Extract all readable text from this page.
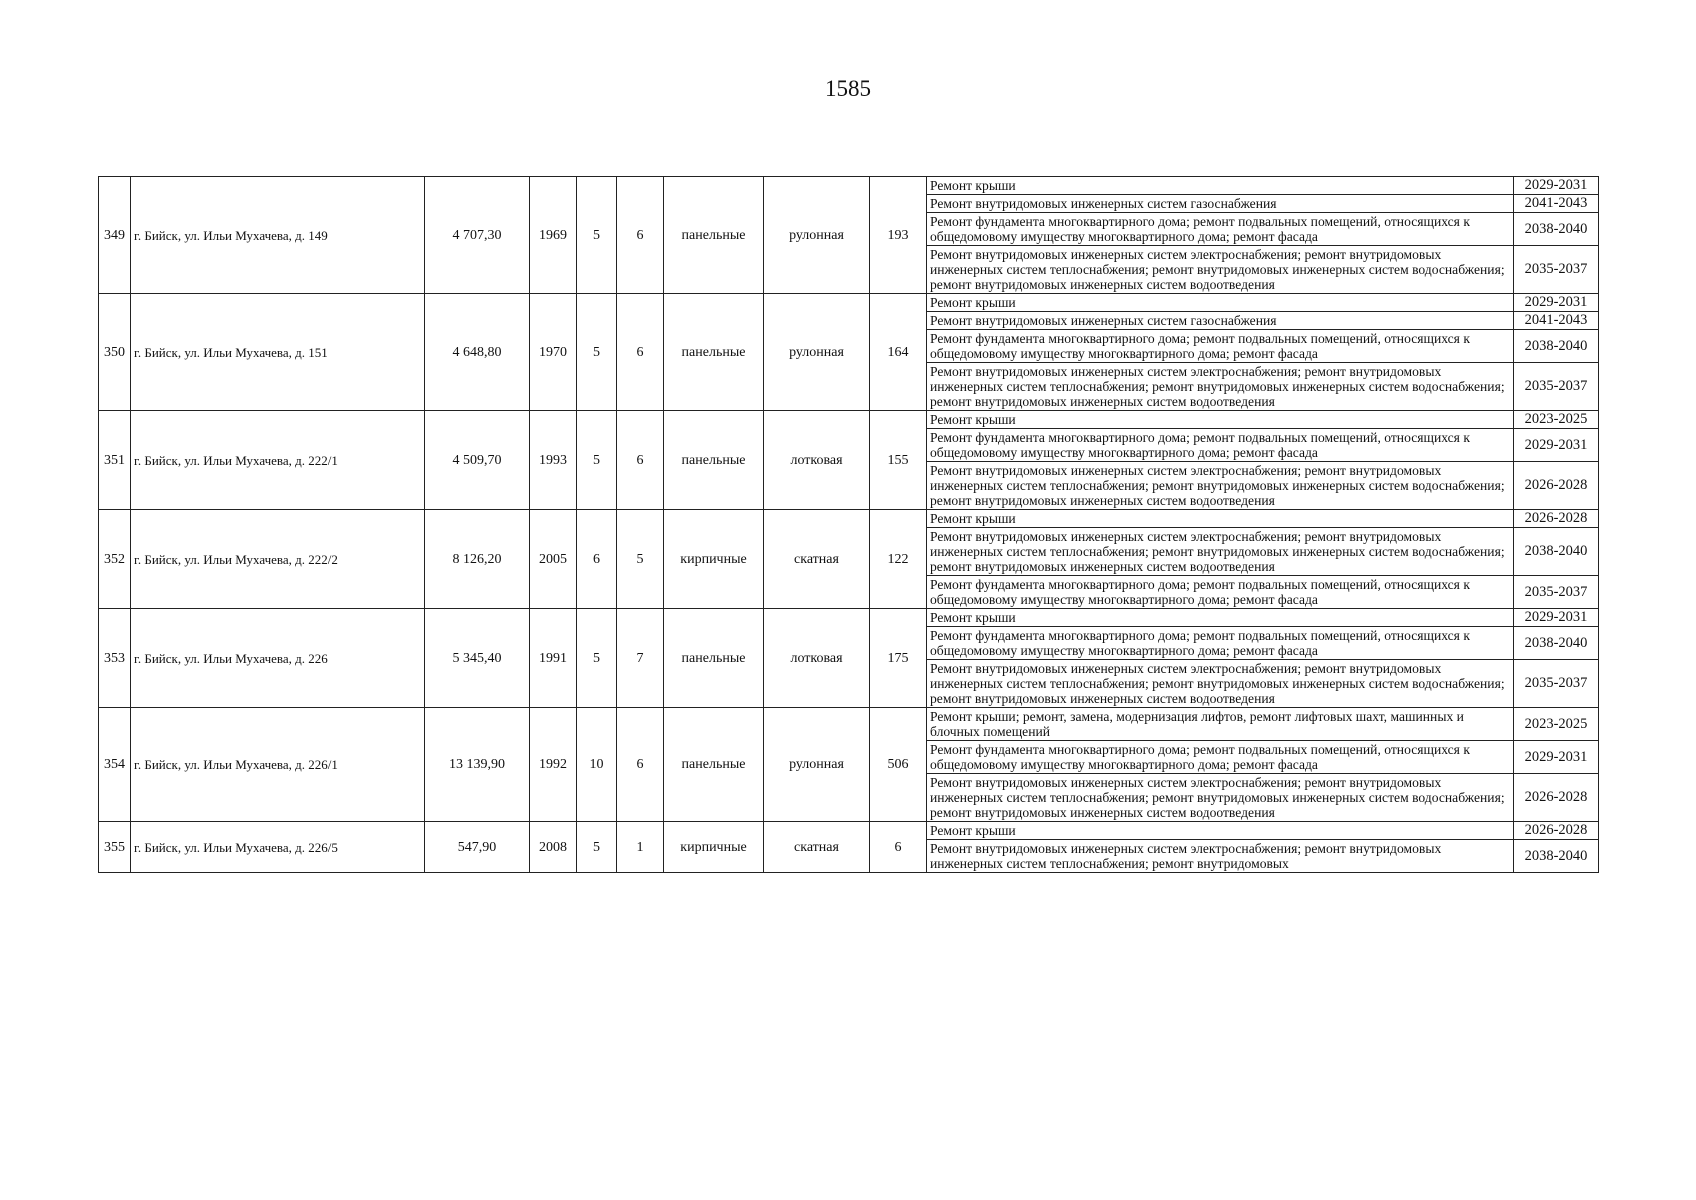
1585
349	г. Бийск, ул. Ильи Мухачева, д. 149	4 707,30	1969	5	6	панельные	рулонная	193	Ремонт крыши	2029-2031
									Ремонт внутридомовых инженерных систем газоснабжения	2041-2043
									Ремонт фундамента многоквартирного дома; ремонт подвальных помещений, относящихся к общедомовому имуществу многоквартирного дома; ремонт фасада	2038-2040
									Ремонт внутридомовых инженерных систем электроснабжения; ремонт внутридомовых инженерных систем теплоснабжения; ремонт внутридомовых инженерных систем водоснабжения; ремонт внутридомовых инженерных систем водоотведения	2035-2037
350	г. Бийск, ул. Ильи Мухачева, д. 151	4 648,80	1970	5	6	панельные	рулонная	164	Ремонт крыши	2029-2031
									Ремонт внутридомовых инженерных систем газоснабжения	2041-2043
									Ремонт фундамента многоквартирного дома; ремонт подвальных помещений, относящихся к общедомовому имуществу многоквартирного дома; ремонт фасада	2038-2040
									Ремонт внутридомовых инженерных систем электроснабжения; ремонт внутридомовых инженерных систем теплоснабжения; ремонт внутридомовых инженерных систем водоснабжения; ремонт внутридомовых инженерных систем водоотведения	2035-2037
351	г. Бийск, ул. Ильи Мухачева, д. 222/1	4 509,70	1993	5	6	панельные	лотковая	155	Ремонт крыши	2023-2025
									Ремонт фундамента многоквартирного дома; ремонт подвальных помещений, относящихся к общедомовому имуществу многоквартирного дома; ремонт фасада	2029-2031
									Ремонт внутридомовых инженерных систем электроснабжения; ремонт внутридомовых инженерных систем теплоснабжения; ремонт внутридомовых инженерных систем водоснабжения; ремонт внутридомовых инженерных систем водоотведения	2026-2028
352	г. Бийск, ул. Ильи Мухачева, д. 222/2	8 126,20	2005	6	5	кирпичные	скатная	122	Ремонт крыши	2026-2028
									Ремонт внутридомовых инженерных систем электроснабжения; ремонт внутридомовых инженерных систем теплоснабжения; ремонт внутридомовых инженерных систем водоснабжения; ремонт внутридомовых инженерных систем водоотведения	2038-2040
									Ремонт фундамента многоквартирного дома; ремонт подвальных помещений, относящихся к общедомовому имуществу многоквартирного дома; ремонт фасада	2035-2037
353	г. Бийск, ул. Ильи Мухачева, д. 226	5 345,40	1991	5	7	панельные	лотковая	175	Ремонт крыши	2029-2031
									Ремонт фундамента многоквартирного дома; ремонт подвальных помещений, относящихся к общедомовому имуществу многоквартирного дома; ремонт фасада	2038-2040
									Ремонт внутридомовых инженерных систем электроснабжения; ремонт внутридомовых инженерных систем теплоснабжения; ремонт внутридомовых инженерных систем водоснабжения; ремонт внутридомовых инженерных систем водоотведения	2035-2037
354	г. Бийск, ул. Ильи Мухачева, д. 226/1	13 139,90	1992	10	6	панельные	рулонная	506	Ремонт крыши; ремонт, замена, модернизация лифтов, ремонт лифтовых шахт, машинных и блочных помещений	2023-2025
									Ремонт фундамента многоквартирного дома; ремонт подвальных помещений, относящихся к общедомовому имуществу многоквартирного дома; ремонт фасада	2029-2031
									Ремонт внутридомовых инженерных систем электроснабжения; ремонт внутридомовых инженерных систем теплоснабжения; ремонт внутридомовых инженерных систем водоснабжения; ремонт внутридомовых инженерных систем водоотведения	2026-2028
355	г. Бийск, ул. Ильи Мухачева, д. 226/5	547,90	2008	5	1	кирпичные	скатная	6	Ремонт крыши	2026-2028
									Ремонт внутридомовых инженерных систем электроснабжения; ремонт внутридомовых инженерных систем теплоснабжения; ремонт внутридомовых	2038-2040
